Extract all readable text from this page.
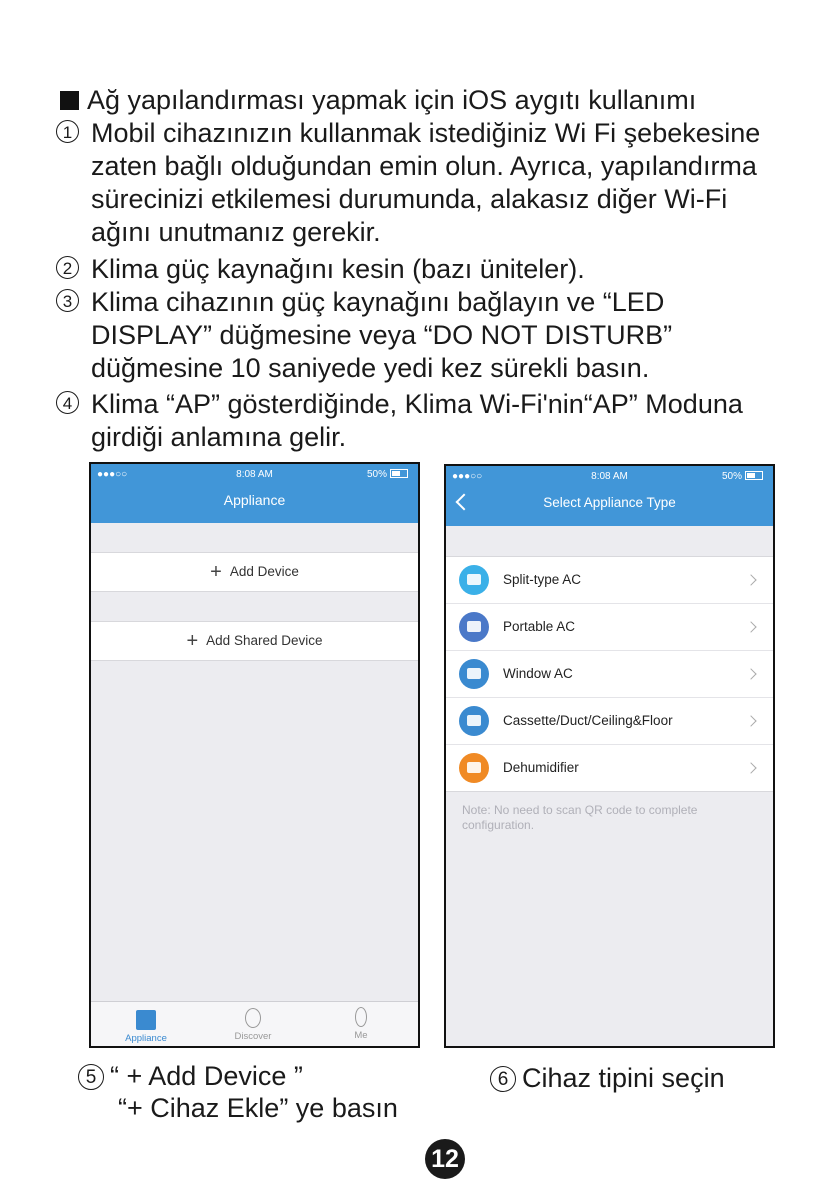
Ağ yapılandırması yapmak için iOS aygıtı kullanımı
1 Mobil cihazınızın kullanmak istediğiniz Wi Fi şebekesine zaten bağlı olduğundan emin olun. Ayrıca, yapılandırma sürecinizi etkilemesi durumunda, alakasız diğer Wi-Fi ağını unutmanız gerekir.
2 Klima güç kaynağını kesin (bazı üniteler).
3 Klima cihazının güç kaynağını bağlayın ve “LED DISPLAY” düğmesine veya “DO NOT DISTURB” düğmesine 10 saniyede yedi kez sürekli basın.
4 Klima “AP” gösterdiğinde, Klima Wi-Fi'nin“AP” Moduna girdiği anlamına gelir.
●●●○○	8:08 AM	50%
Appliance
+ Add Device
+ Add Shared Device
Appliance	Discover	Me
●●●○○	8:08 AM	50%
Select Appliance Type
Split-type AC
Portable AC
Window AC
Cassette/Duct/Ceiling&Floor
Dehumidifier
Note: No need to scan QR code to complete configuration.
5 “ + Add Device ”
“+ Cihaz Ekle” ye basın
6 Cihaz tipini seçin
12
